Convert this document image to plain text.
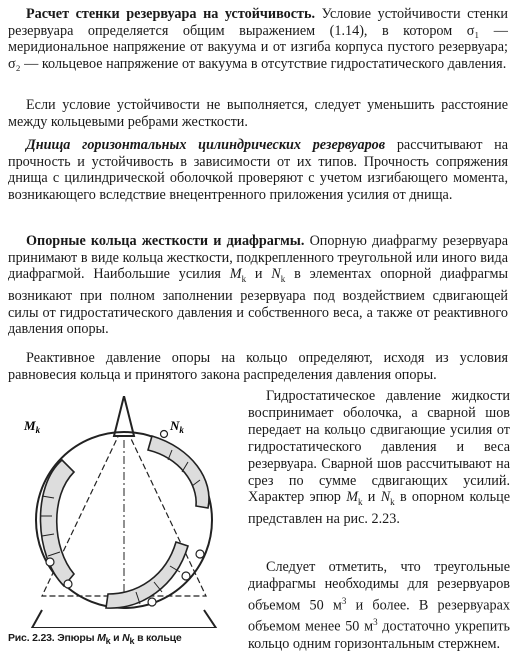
Расчет стенки резервуара на устойчивость. Условие устойчивости стенки резервуара определяется общим выражением (1.14), в котором σ₁ — меридиональное напряжение от вакуума и от изгиба корпуса пустого резервуара; σ₂ — кольцевое напряжение от вакуума в отсутствие гидростатического давления.

Если условие устойчивости не выполняется, следует уменьшить расстояние между кольцевыми ребрами жесткости.

Днища горизонтальных цилиндрических резервуаров рассчитывают на прочность и устойчивость в зависимости от их типов. Прочность сопряжения днища с цилиндрической оболочкой проверяют с учетом изгибающего момента, возникающего вследствие внецентренного приложения усилия от днища.

Опорные кольца жесткости и диафрагмы. Опорную диафрагму резервуара принимают в виде кольца жесткости, подкрепленного треугольной или иного вида диафрагмой. Наибольшие усилия $M_k$ и $N_k$ в элементах опорной диафрагмы возникают при полном заполнении резервуара под воздействием сдвигающей силы от гидростатического давления и собственного веса, а также от реактивного давления опоры.

Реактивное давление опоры на кольцо определяют, исходя из условия равновесия кольца и принятого закона распределения давления опоры.

Гидростатическое давление жидкости воспринимает оболочка, а сварной шов передает на кольцо сдвигающие усилия от гидростатического давления и веса резервуара. Сварной шов рассчитывают на срез по сумме сдвигающих усилий. Характер эпюр $M_k$ и $N_k$ в опорном кольце представлен на рис. 2.23.

Следует отметить, что треугольные диафрагмы необходимы для резервуаров объемом 50 $м^3$ и более. В резервуарах объемом менее 50 $м^3$ достаточно укрепить кольцо одним горизонтальным стержнем.

$M_k$	$N_k$

Рис. 2.23. Эпюры $M_k$ и $N_k$ в кольце
